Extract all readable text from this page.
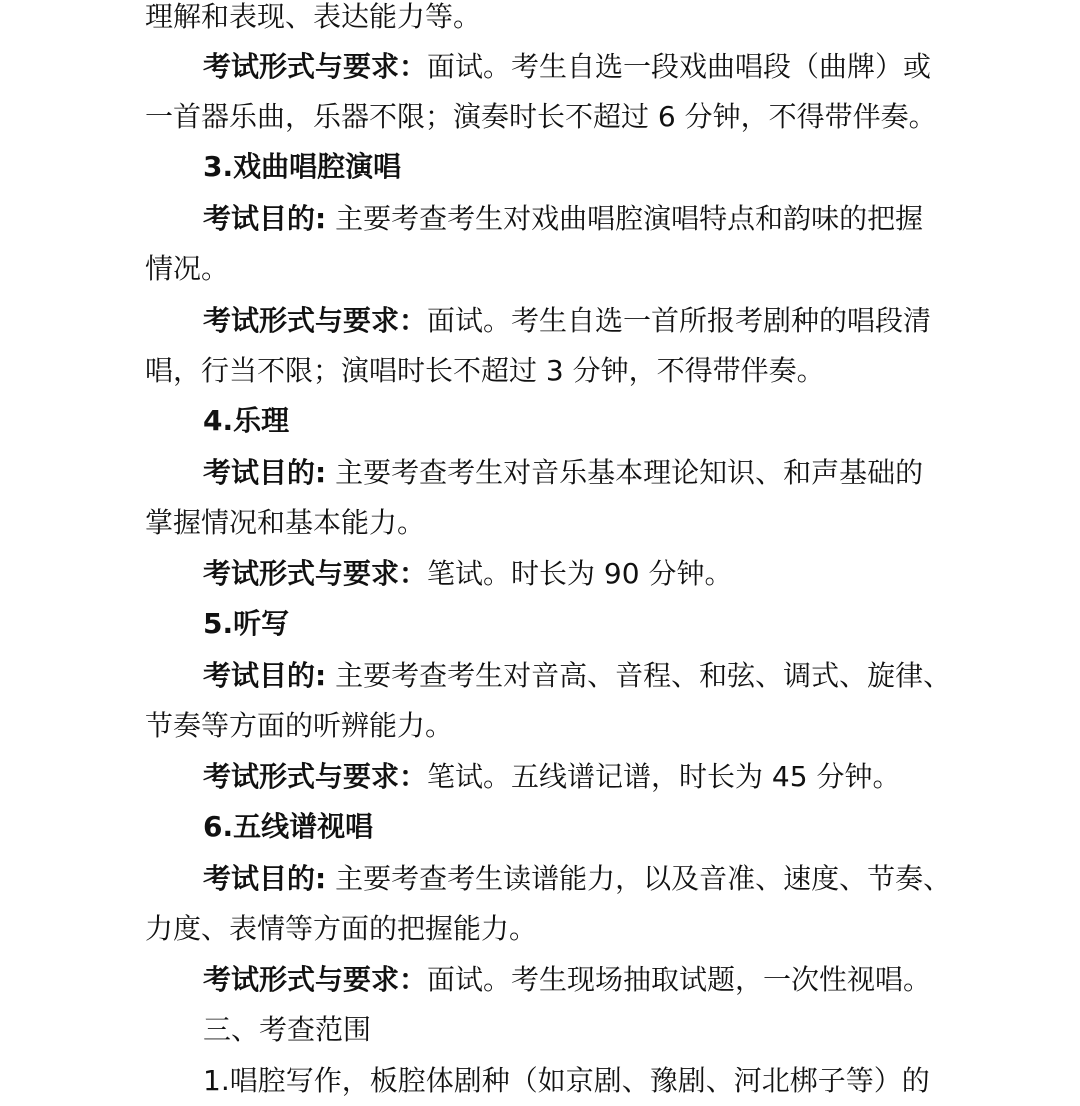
理解和表现、表达能力等。
考试形式与要求：面试。考生自选一段戏曲唱段（曲牌）或
一首器乐曲，乐器不限；演奏时长不超过 6 分钟，不得带伴奏。
3.戏曲唱腔演唱
考试目的: 主要考查考生对戏曲唱腔演唱特点和韵味的把握
情况。
考试形式与要求：面试。考生自选一首所报考剧种的唱段清
唱，行当不限；演唱时长不超过 3 分钟，不得带伴奏。
4.乐理
考试目的: 主要考查考生对音乐基本理论知识、和声基础的
掌握情况和基本能力。
考试形式与要求：笔试。时长为 90 分钟。
5.听写
考试目的: 主要考查考生对音高、音程、和弦、调式、旋律、
节奏等方面的听辨能力。
考试形式与要求：笔试。五线谱记谱，时长为 45 分钟。
6.五线谱视唱
考试目的: 主要考查考生读谱能力，以及音准、速度、节奏、
力度、表情等方面的把握能力。
考试形式与要求：面试。考生现场抽取试题，一次性视唱。
三、考查范围
1.唱腔写作，板腔体剧种（如京剧、豫剧、河北梆子等）的
